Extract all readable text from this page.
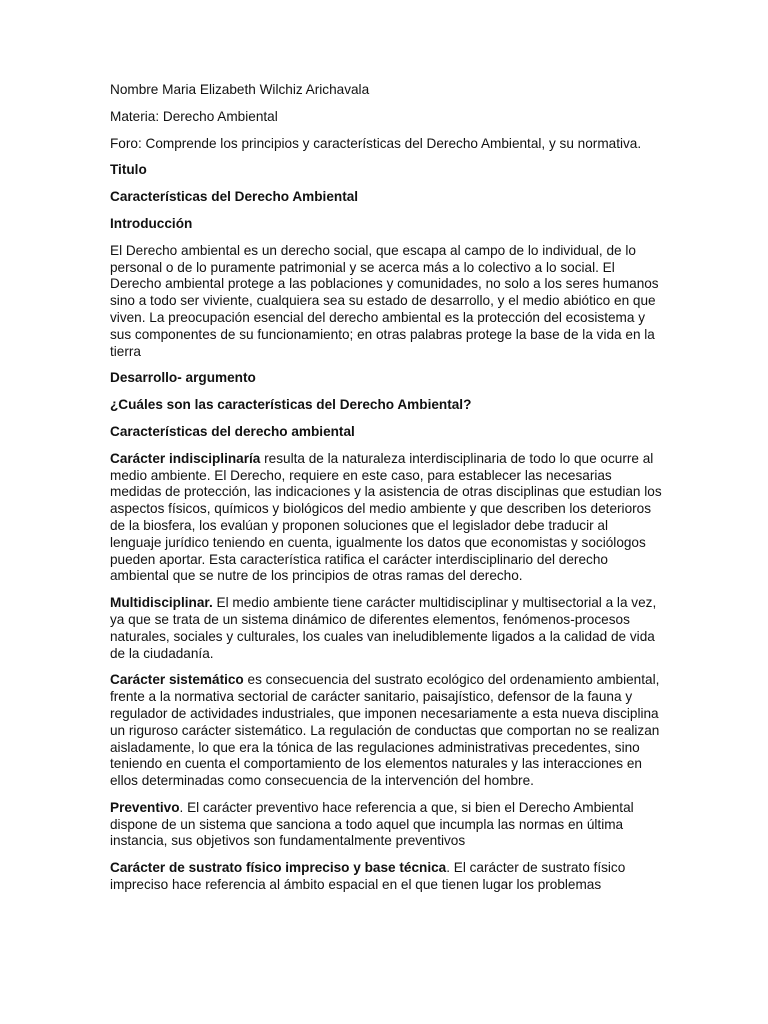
Nombre Maria Elizabeth Wilchiz Arichavala

Materia: Derecho Ambiental

Foro: Comprende los principios y características del Derecho Ambiental, y su normativa.

Titulo

Características del Derecho Ambiental

Introducción

El Derecho ambiental es un derecho social, que escapa al campo de lo individual, de lo personal o de lo puramente patrimonial y se acerca más a lo colectivo a lo social. El Derecho ambiental protege a las poblaciones y comunidades, no solo a los seres humanos sino a todo ser viviente, cualquiera sea su estado de desarrollo, y el medio abiótico en que viven. La preocupación esencial del derecho ambiental es la protección del ecosistema y sus componentes de su funcionamiento; en otras palabras protege la base de la vida en la tierra

Desarrollo- argumento

¿Cuáles son las características del Derecho Ambiental?

Características del derecho ambiental

Carácter indisciplinaría resulta de la naturaleza interdisciplinaria de todo lo que ocurre al medio ambiente. El Derecho, requiere en este caso, para establecer las necesarias medidas de protección, las indicaciones y la asistencia de otras disciplinas que estudian los aspectos físicos, químicos y biológicos del medio ambiente y que describen los deterioros de la biosfera, los evalúan y proponen soluciones que el legislador debe traducir al lenguaje jurídico teniendo en cuenta, igualmente los datos que economistas y sociólogos pueden aportar. Esta característica ratifica el carácter interdisciplinario del derecho ambiental que se nutre de los principios de otras ramas del derecho.

Multidisciplinar. El medio ambiente tiene carácter multidisciplinar y multisectorial a la vez, ya que se trata de un sistema dinámico de diferentes elementos, fenómenos-procesos naturales, sociales y culturales, los cuales van ineludiblemente ligados a la calidad de vida de la ciudadanía.

Carácter sistemático es consecuencia del sustrato ecológico del ordenamiento ambiental, frente a la normativa sectorial de carácter sanitario, paisajístico, defensor de la fauna y regulador de actividades industriales, que imponen necesariamente a esta nueva disciplina un riguroso carácter sistemático. La regulación de conductas que comportan no se realizan aisladamente, lo que era la tónica de las regulaciones administrativas precedentes, sino teniendo en cuenta el comportamiento de los elementos naturales y las interacciones en ellos determinadas como consecuencia de la intervención del hombre.

Preventivo. El carácter preventivo hace referencia a que, si bien el Derecho Ambiental dispone de un sistema que sanciona a todo aquel que incumpla las normas en última instancia, sus objetivos son fundamentalmente preventivos

Carácter de sustrato físico impreciso y base técnica. El carácter de sustrato físico impreciso hace referencia al ámbito espacial en el que tienen lugar los problemas
